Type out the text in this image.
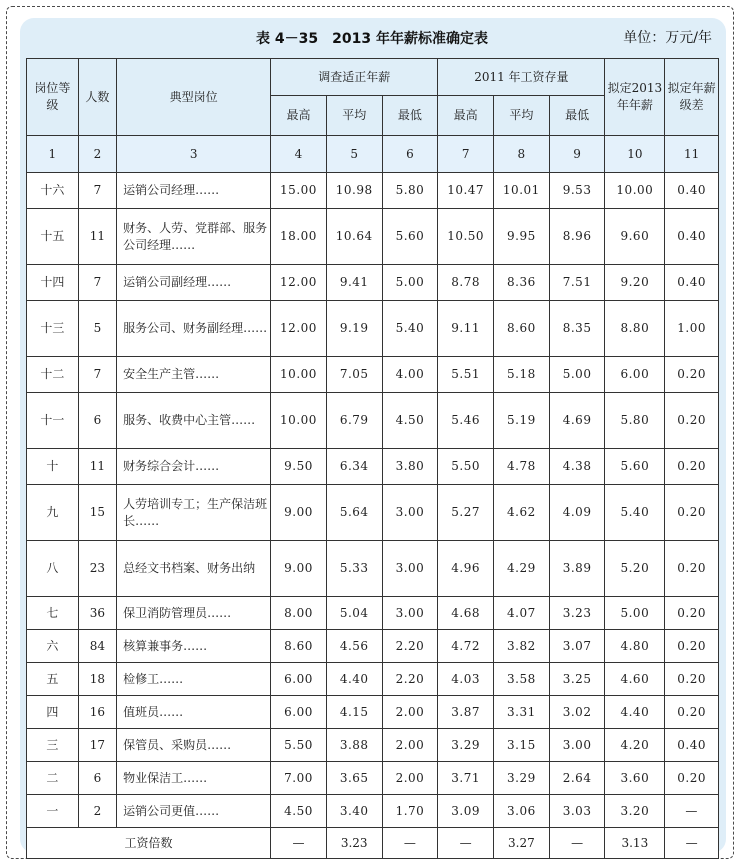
表 4－35　2013 年年薪标准确定表	单位：万元/年
岗位等级	人数	典型岗位	调查适正年薪			2011 年工资存量			拟定2013 年年薪	拟定年薪级差
			最高	平均	最低	最高	平均	最低		
1	2	3	4	5	6	7	8	9	10	11
十六	7	运销公司经理……	15.00	10.98	5.80	10.47	10.01	9.53	10.00	0.40
十五	11	财务、人劳、党群部、服务公司经理……	18.00	10.64	5.60	10.50	9.95	8.96	9.60	0.40
十四	7	运销公司副经理……	12.00	9.41	5.00	8.78	8.36	7.51	9.20	0.40
十三	5	服务公司、财务副经理……	12.00	9.19	5.40	9.11	8.60	8.35	8.80	1.00
十二	7	安全生产主管……	10.00	7.05	4.00	5.51	5.18	5.00	6.00	0.20
十一	6	服务、收费中心主管……	10.00	6.79	4.50	5.46	5.19	4.69	5.80	0.20
十	11	财务综合会计……	9.50	6.34	3.80	5.50	4.78	4.38	5.60	0.20
九	15	人劳培训专工；生产保洁班长……	9.00	5.64	3.00	5.27	4.62	4.09	5.40	0.20
八	23	总经文书档案、财务出纳	9.00	5.33	3.00	4.96	4.29	3.89	5.20	0.20
七	36	保卫消防管理员……	8.00	5.04	3.00	4.68	4.07	3.23	5.00	0.20
六	84	核算兼事务……	8.60	4.56	2.20	4.72	3.82	3.07	4.80	0.20
五	18	检修工……	6.00	4.40	2.20	4.03	3.58	3.25	4.60	0.20
四	16	值班员……	6.00	4.15	2.00	3.87	3.31	3.02	4.40	0.20
三	17	保管员、采购员……	5.50	3.88	2.00	3.29	3.15	3.00	4.20	0.40
二	6	物业保洁工……	7.00	3.65	2.00	3.71	3.29	2.64	3.60	0.20
一	2	运销公司更值……	4.50	3.40	1.70	3.09	3.06	3.03	3.20	—
工资倍数			—	3.23	—	—	3.27	—	3.13	—
